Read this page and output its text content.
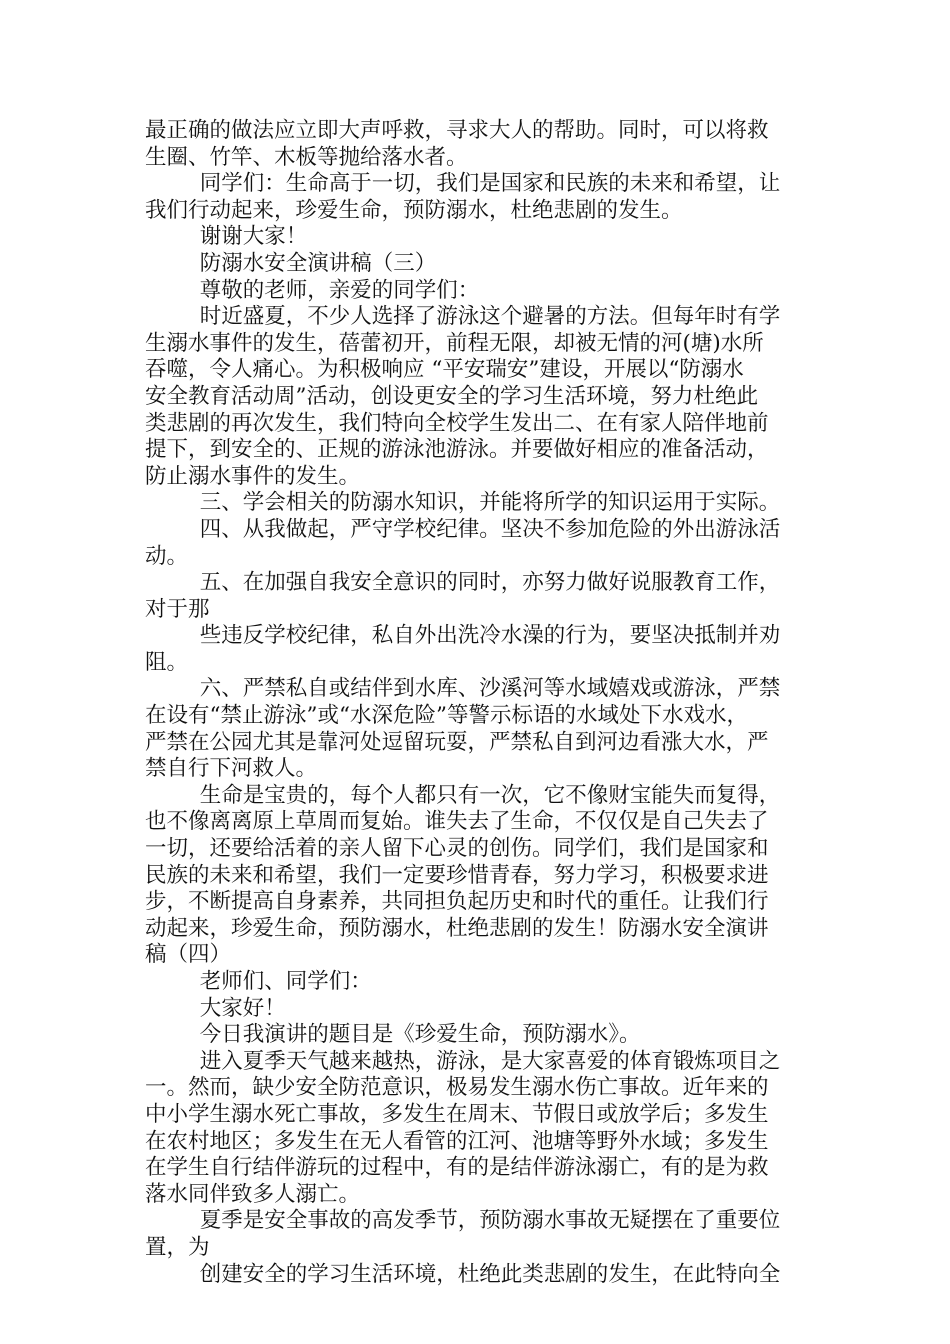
最正确的做法应立即大声呼救，寻求大人的帮助。同时，可以将救

生圈、竹竿、木板等抛给落水者。

同学们：生命高于一切，我们是国家和民族的未来和希望，让

我们行动起来，珍爱生命，预防溺水，杜绝悲剧的发生。

谢谢大家！

防溺水安全演讲稿（三）

尊敬的老师，亲爱的同学们：

时近盛夏，不少人选择了游泳这个避暑的方法。但每年时有学

生溺水事件的发生，蓓蕾初开，前程无限，却被无情的河(塘)水所

吞噬，令人痛心。为积极响应 “平安瑞安”建设，开展以“防溺水

安全教育活动周”活动，创设更安全的学习生活环境，努力杜绝此

类悲剧的再次发生，我们特向全校学生发出二、在有家人陪伴地前

提下，到安全的、正规的游泳池游泳。并要做好相应的准备活动，

防止溺水事件的发生。

三、学会相关的防溺水知识，并能将所学的知识运用于实际。

四、从我做起，严守学校纪律。坚决不参加危险的外出游泳活

动。

五、在加强自我安全意识的同时，亦努力做好说服教育工作，

对于那

些违反学校纪律，私自外出洗冷水澡的行为，要坚决抵制并劝

阻。

六、严禁私自或结伴到水库、沙溪河等水域嬉戏或游泳，严禁

在设有“禁止游泳”或“水深危险”等警示标语的水域处下水戏水，

严禁在公园尤其是靠河处逗留玩耍，严禁私自到河边看涨大水，严

禁自行下河救人。

生命是宝贵的，每个人都只有一次，它不像财宝能失而复得，

也不像离离原上草周而复始。谁失去了生命，不仅仅是自己失去了

一切，还要给活着的亲人留下心灵的创伤。同学们，我们是国家和

民族的未来和希望，我们一定要珍惜青春，努力学习，积极要求进

步，不断提高自身素养，共同担负起历史和时代的重任。让我们行

动起来，珍爱生命，预防溺水，杜绝悲剧的发生！防溺水安全演讲

稿（四）

老师们、同学们：

大家好！

今日我演讲的题目是《珍爱生命，预防溺水》。

进入夏季天气越来越热，游泳，是大家喜爱的体育锻炼项目之

一。然而，缺少安全防范意识，极易发生溺水伤亡事故。近年来的

中小学生溺水死亡事故，多发生在周末、节假日或放学后；多发生

在农村地区；多发生在无人看管的江河、池塘等野外水域；多发生

在学生自行结伴游玩的过程中，有的是结伴游泳溺亡，有的是为救

落水同伴致多人溺亡。

夏季是安全事故的高发季节，预防溺水事故无疑摆在了重要位

置，为

创建安全的学习生活环境，杜绝此类悲剧的发生，在此特向全
